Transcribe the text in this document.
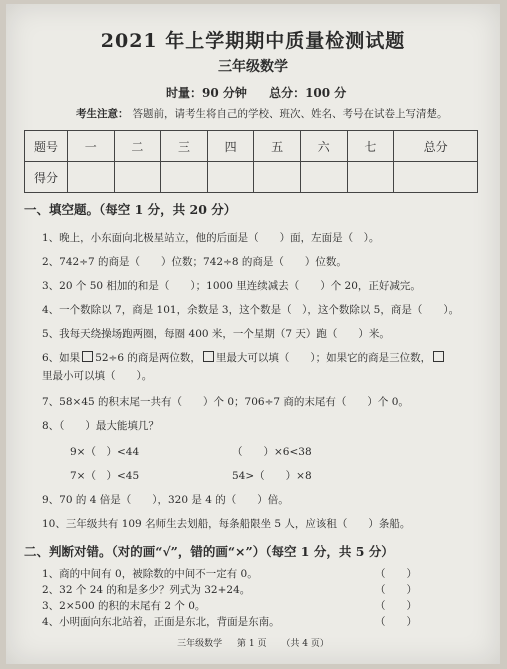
2021 年上学期期中质量检测试题
三年级数学
时量：90 分钟 总分：100 分
考生注意： 答题前，请考生将自己的学校、班次、姓名、考号在试卷上写清楚。
题号	一	二	三	四	五	六	七	总分
得分								
一、填空题。（每空 1 分，共 20 分）
1、晚上，小东面向北极星站立，他的后面是（　　）面，左面是（　）。
2、742÷7 的商是（　　）位数；742÷8 的商是（　　）位数。
3、20 个 50 相加的和是（　　）；1000 里连续减去（　　）个 20，正好减完。
4、一个数除以 7，商是 101，余数是 3，这个数是（　），这个数除以 5，商是（　　）。
5、我每天绕操场跑两圈，每圈 400 米，一个星期（7 天）跑（　　）米。
6、如果 52÷6 的商是两位数， 里最大可以填（　　）；如果它的商是三位数，
里最小可以填（　　）。
7、58×45 的积末尾一共有（　　）个 0；706÷7 商的末尾有（　　）个 0。
8、（　　）最大能填几？
9×（　）<44	（　　）×6<38
7×（　）<45	54>（　　）×8
9、70 的 4 倍是（　　），320 是 4 的（　　）倍。
10、三年级共有 109 名师生去划船，每条船限坐 5 人，应该租（　　）条船。
二、判断对错。（对的画“√”，错的画“×”）（每空 1 分，共 5 分）
1、商的中间有 0，被除数的中间不一定有 0。	（　　）
2、32 个 24 的和是多少？列式为 32+24。	（　　）
3、2×500 的积的末尾有 2 个 0。	（　　）
4、小明面向东北站着，正面是东北，背面是东南。	（　　）
三年级数学 第 1 页 （共 4 页）
